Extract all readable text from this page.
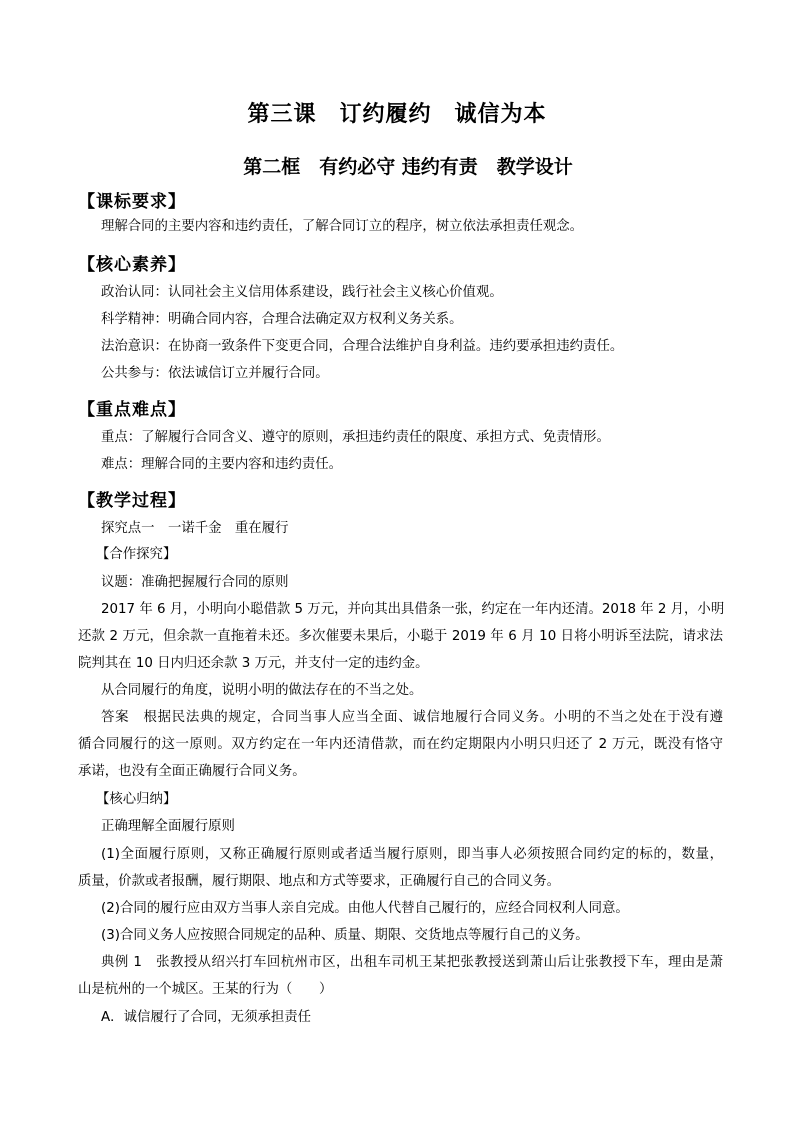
第三课　订约履约　诚信为本
第二框　有约必守 违约有责　教学设计
【课标要求】
理解合同的主要内容和违约责任，了解合同订立的程序，树立依法承担责任观念。
【核心素养】
政治认同：认同社会主义信用体系建设，践行社会主义核心价值观。
科学精神：明确合同内容，合理合法确定双方权利义务关系。
法治意识：在协商一致条件下变更合同，合理合法维护自身利益。违约要承担违约责任。
公共参与：依法诚信订立并履行合同。
【重点难点】
重点：了解履行合同含义、遵守的原则，承担违约责任的限度、承担方式、免责情形。
难点：理解合同的主要内容和违约责任。
【教学过程】
探究点一　一诺千金　重在履行
【合作探究】
议题：准确把握履行合同的原则
2017 年 6 月，小明向小聪借款 5 万元，并向其出具借条一张，约定在一年内还清。2018 年 2 月，小明
还款 2 万元，但余款一直拖着未还。多次催要未果后，小聪于 2019 年 6 月 10 日将小明诉至法院，请求法
院判其在 10 日内归还余款 3 万元，并支付一定的违约金。
从合同履行的角度，说明小明的做法存在的不当之处。
答案　根据民法典的规定，合同当事人应当全面、诚信地履行合同义务。小明的不当之处在于没有遵
循合同履行的这一原则。双方约定在一年内还清借款，而在约定期限内小明只归还了 2 万元，既没有恪守
承诺，也没有全面正确履行合同义务。
【核心归纳】
正确理解全面履行原则
(1)全面履行原则，又称正确履行原则或者适当履行原则，即当事人必须按照合同约定的标的，数量，
质量，价款或者报酬，履行期限、地点和方式等要求，正确履行自己的合同义务。
(2)合同的履行应由双方当事人亲自完成。由他人代替自己履行的，应经合同权利人同意。
(3)合同义务人应按照合同规定的品种、质量、期限、交货地点等履行自己的义务。
典例 1　张教授从绍兴打车回杭州市区，出租车司机王某把张教授送到萧山后让张教授下车，理由是萧
山是杭州的一个城区。王某的行为（　　）
A．诚信履行了合同，无须承担责任
